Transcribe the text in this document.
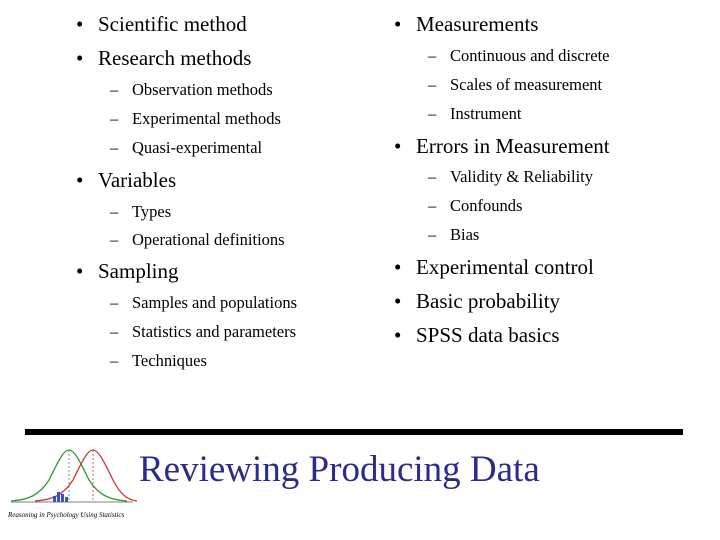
• Scientific method
• Research methods
– Observation methods
– Experimental methods
– Quasi-experimental
• Variables
– Types
– Operational definitions
• Sampling
– Samples and populations
– Statistics and parameters
– Techniques
• Measurements
– Continuous and discrete
– Scales of measurement
– Instrument
• Errors in Measurement
– Validity & Reliability
– Confounds
– Bias
• Experimental control
• Basic probability
• SPSS data basics
Reasoning in Psychology Using Statistics
Reviewing Producing Data
